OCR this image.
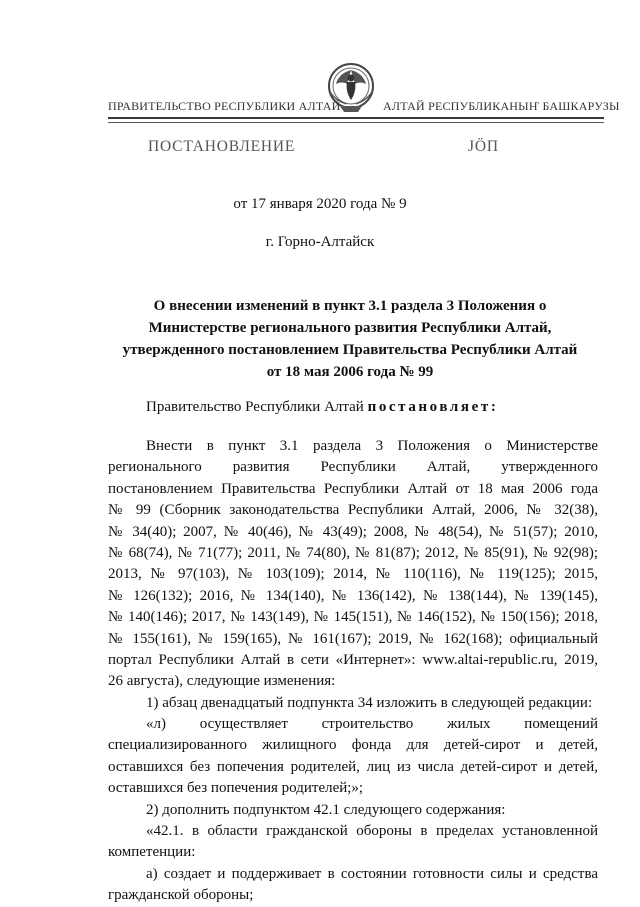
ПРАВИТЕЛЬСТВО РЕСПУБЛИКИ АЛТАЙ	АЛТАЙ РЕСПУБЛИКАНЫҤ БАШКАРУЗЫ
ПОСТАНОВЛЕНИЕ	JÖП
от 17 января 2020 года № 9
г. Горно-Алтайск
О внесении изменений в пункт 3.1 раздела 3 Положения о
Министерстве регионального развития Республики Алтай,
утвержденного постановлением Правительства Республики Алтай
от 18 мая 2006 года № 99
Правительство Республики Алтай постановляет:
Внести в пункт 3.1 раздела 3 Положения о Министерстве
регионального развития Республики Алтай, утвержденного
постановлением Правительства Республики Алтай от 18 мая 2006 года
№ 99 (Сборник законодательства Республики Алтай, 2006, № 32(38),
№ 34(40); 2007, № 40(46), № 43(49); 2008, № 48(54), № 51(57); 2010,
№ 68(74), № 71(77); 2011, № 74(80), № 81(87); 2012, № 85(91), № 92(98);
2013, № 97(103), № 103(109); 2014, № 110(116), № 119(125); 2015,
№ 126(132); 2016, № 134(140), № 136(142), № 138(144), № 139(145),
№ 140(146); 2017, № 143(149), № 145(151), № 146(152), № 150(156); 2018,
№ 155(161), № 159(165), № 161(167); 2019, № 162(168); официальный
портал Республики Алтай в сети «Интернет»: www.altai-republic.ru, 2019,
26 августа), следующие изменения:
1) абзац двенадцатый подпункта 34 изложить в следующей редакции:
«л) осуществляет строительство жилых помещений
специализированного жилищного фонда для детей-сирот и детей,
оставшихся без попечения родителей, лиц из числа детей-сирот и детей,
оставшихся без попечения родителей;»;
2) дополнить подпунктом 42.1 следующего содержания:
«42.1. в области гражданской обороны в пределах установленной
компетенции:
а) создает и поддерживает в состоянии готовности силы и средства
гражданской обороны;
